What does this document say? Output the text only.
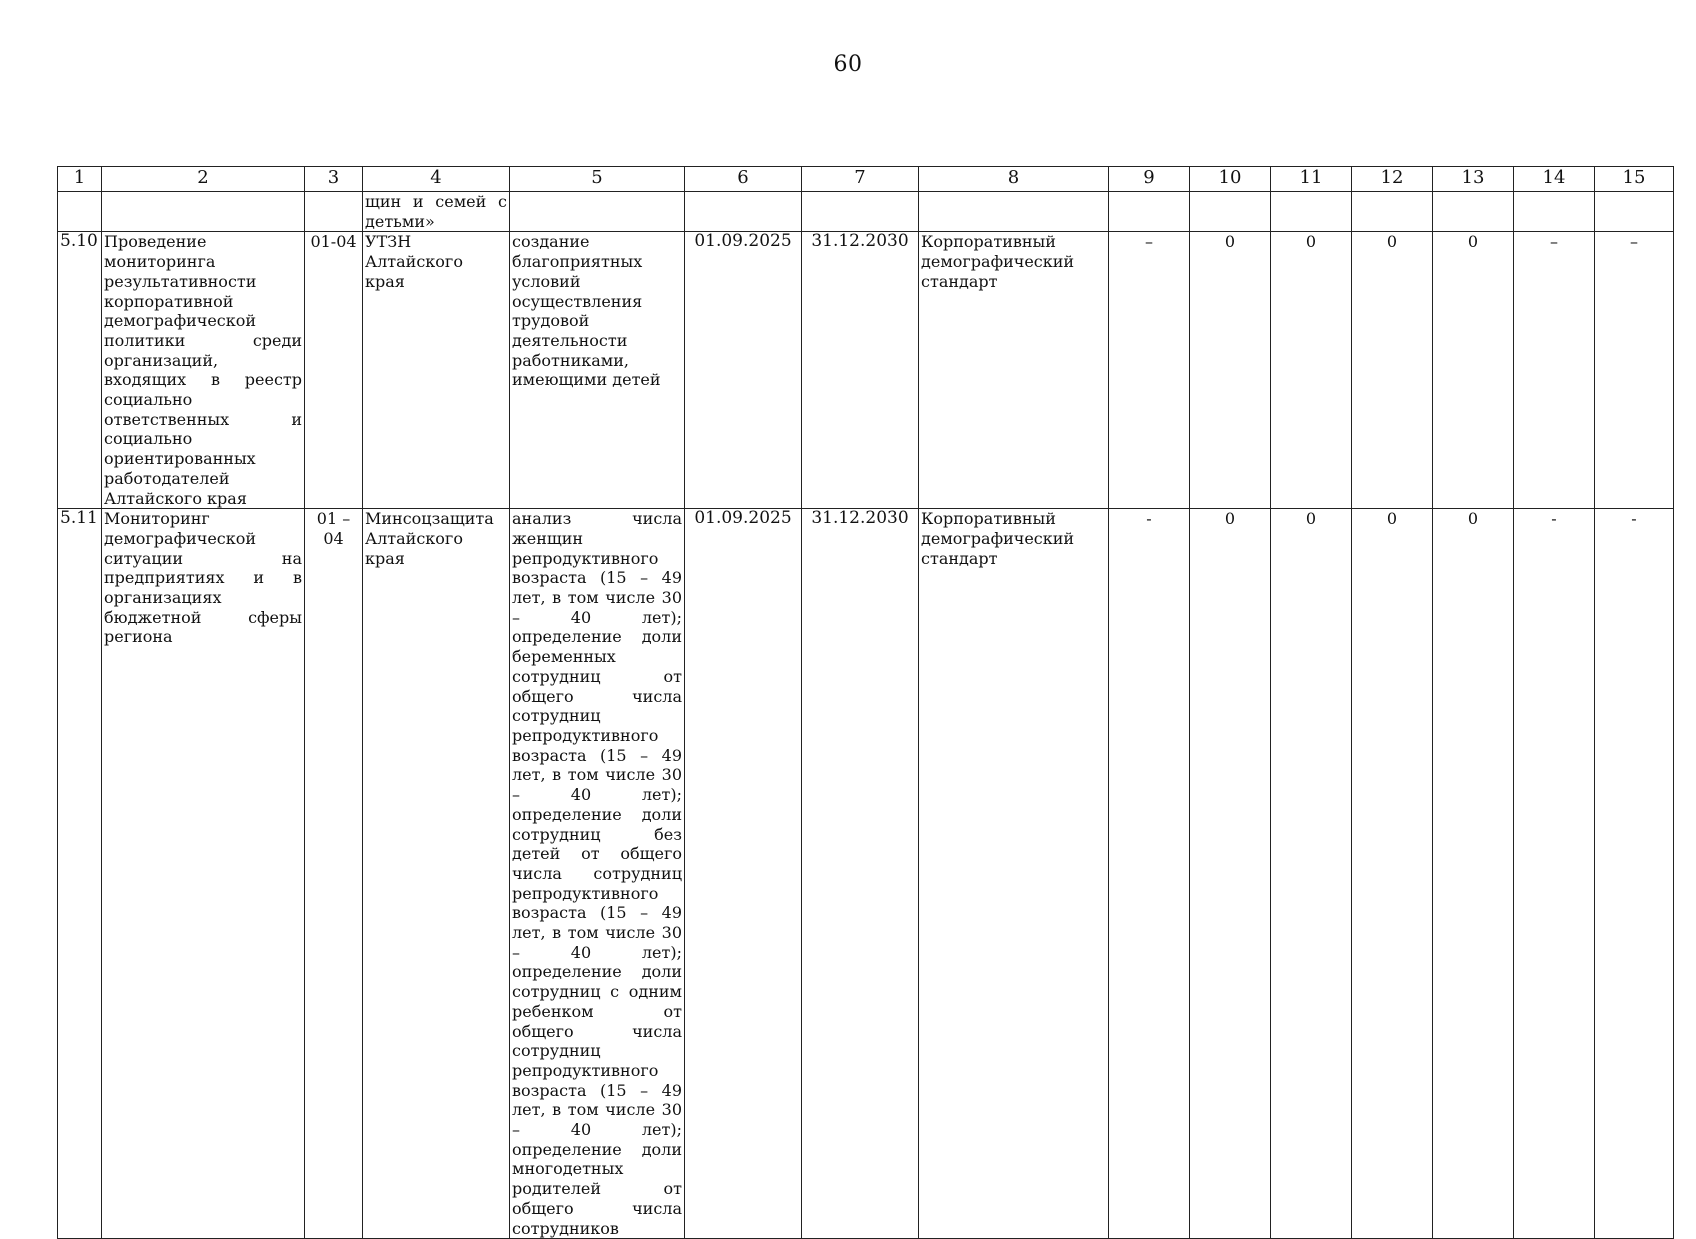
60
1	2	3	4	5	6	7	8	9	10	11	12	13	14	15
			щин и семей с детьми»											
5.10	Проведение мониторинга результативности корпоративной демографической политики среди организаций, входящих в реестр социально ответственных и социально ориентированных работодателей Алтайского края	01-04	УТЗН Алтайского края	создание благоприятных условий осуществления трудовой деятельности работниками, имеющими детей	01.09.2025	31.12.2030	Корпоративный демографический стандарт	–	0	0	0	0	–	–
5.11	Мониторинг демографической ситуации на предприятиях и в организациях бюджетной сферы региона	01 – 04	Минсоцзащита Алтайского края	анализ числа женщин репродуктивного возраста (15 – 49 лет, в том числе 30 – 40 лет); определение доли беременных сотрудниц от общего числа сотрудниц репродуктивного возраста (15 – 49 лет, в том числе 30 – 40 лет); определение доли сотрудниц без детей от общего числа сотрудниц репродуктивного возраста (15 – 49 лет, в том числе 30 – 40 лет); определение доли сотрудниц с одним ребенком от общего числа сотрудниц репродуктивного возраста (15 – 49 лет, в том числе 30 – 40 лет); определение доли многодетных родителей от общего числа сотрудников	01.09.2025	31.12.2030	Корпоративный демографический стандарт	-	0	0	0	0	-	-
